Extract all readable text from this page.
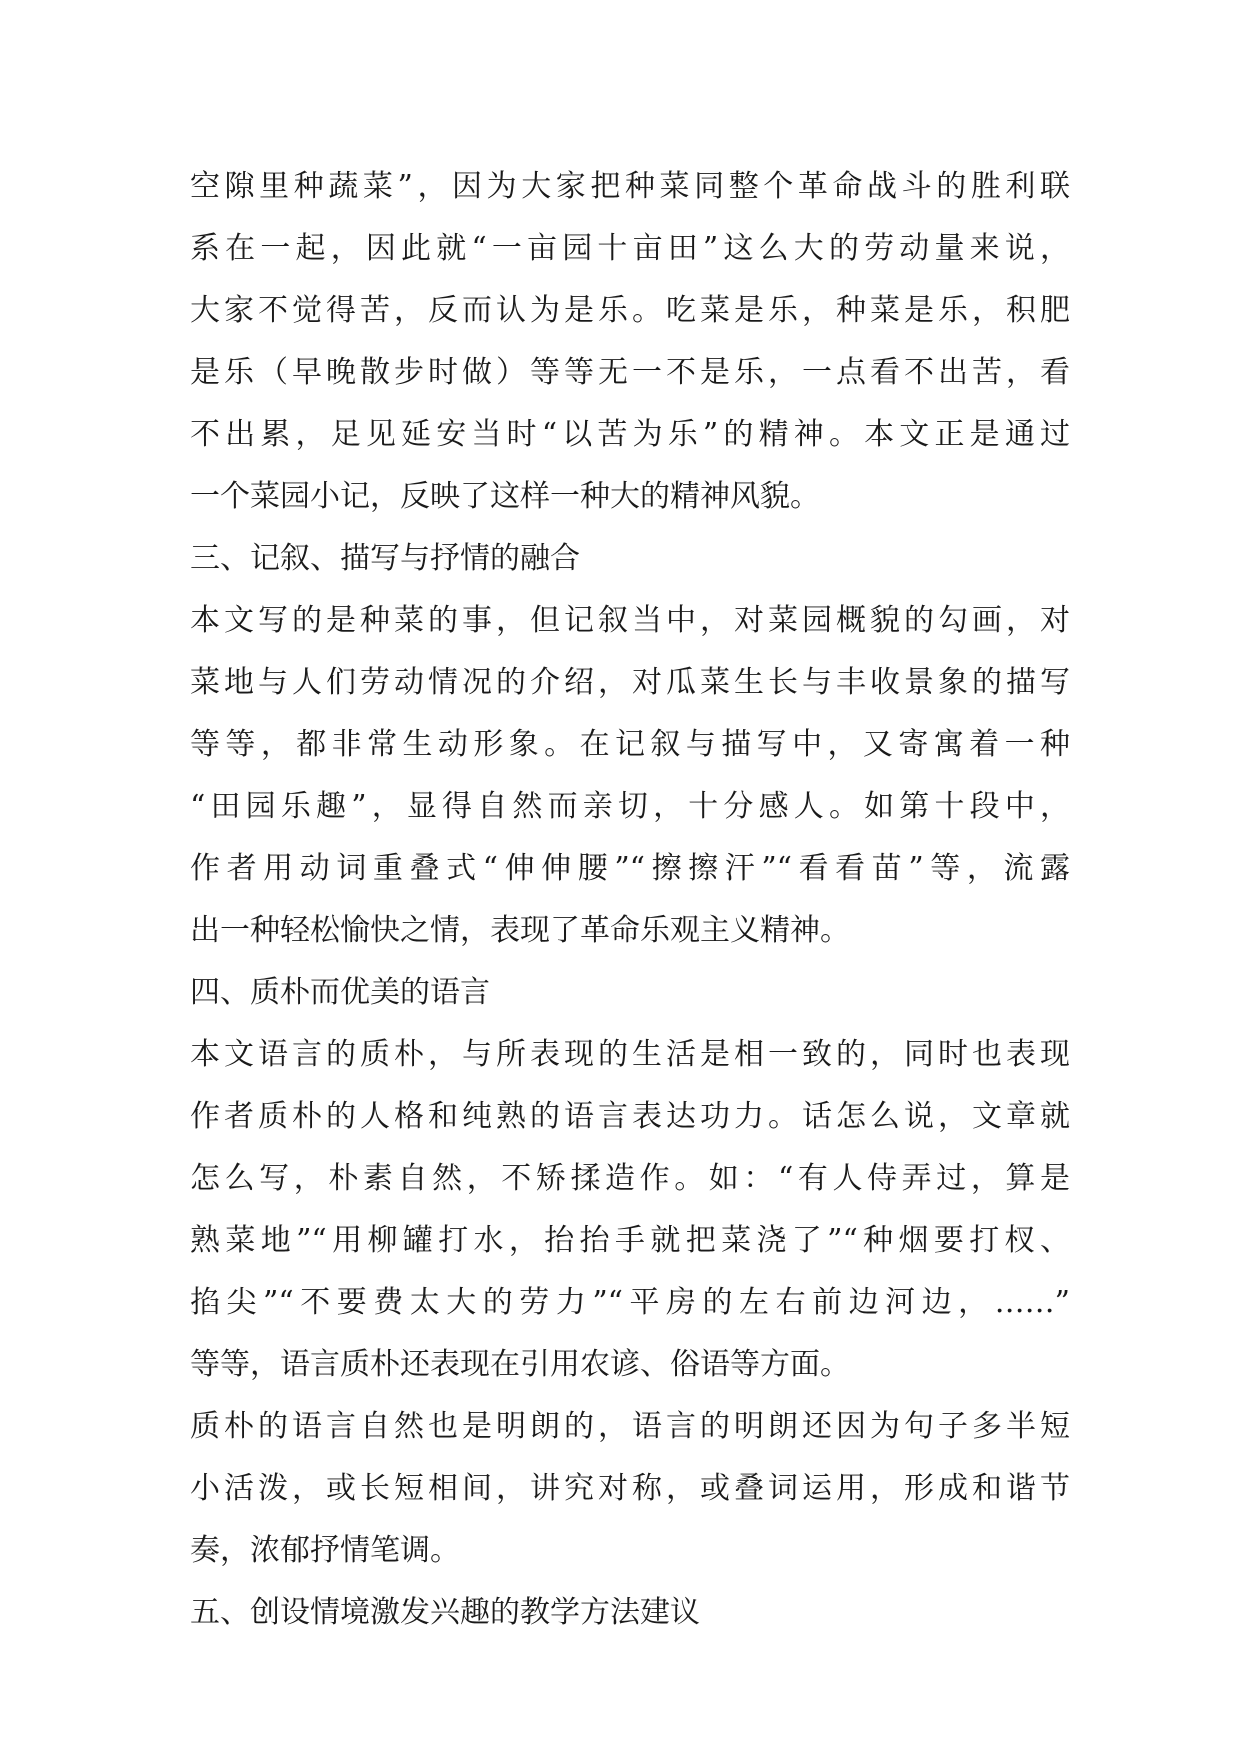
空隙里种蔬菜”，因为大家把种菜同整个革命战斗的胜利联
系在一起，因此就“一亩园十亩田”这么大的劳动量来说，
大家不觉得苦，反而认为是乐。吃菜是乐，种菜是乐，积肥
是乐（早晚散步时做）等等无一不是乐，一点看不出苦，看
不出累，足见延安当时“以苦为乐”的精神。本文正是通过
一个菜园小记，反映了这样一种大的精神风貌。
三、记叙、描写与抒情的融合
本文写的是种菜的事，但记叙当中，对菜园概貌的勾画，对
菜地与人们劳动情况的介绍，对瓜菜生长与丰收景象的描写
等等，都非常生动形象。在记叙与描写中，又寄寓着一种
“田园乐趣”，显得自然而亲切，十分感人。如第十段中，
作者用动词重叠式“伸伸腰”“擦擦汗”“看看苗”等，流露
出一种轻松愉快之情，表现了革命乐观主义精神。
四、质朴而优美的语言
本文语言的质朴，与所表现的生活是相一致的，同时也表现
作者质朴的人格和纯熟的语言表达功力。话怎么说，文章就
怎么写，朴素自然，不矫揉造作。如：“有人侍弄过，算是
熟菜地”“用柳罐打水，抬抬手就把菜浇了”“种烟要打杈、
掐尖”“不要费太大的劳力”“平房的左右前边河边，……”
等等，语言质朴还表现在引用农谚、俗语等方面。
质朴的语言自然也是明朗的，语言的明朗还因为句子多半短
小活泼，或长短相间，讲究对称，或叠词运用，形成和谐节
奏，浓郁抒情笔调。
五、创设情境激发兴趣的教学方法建议
